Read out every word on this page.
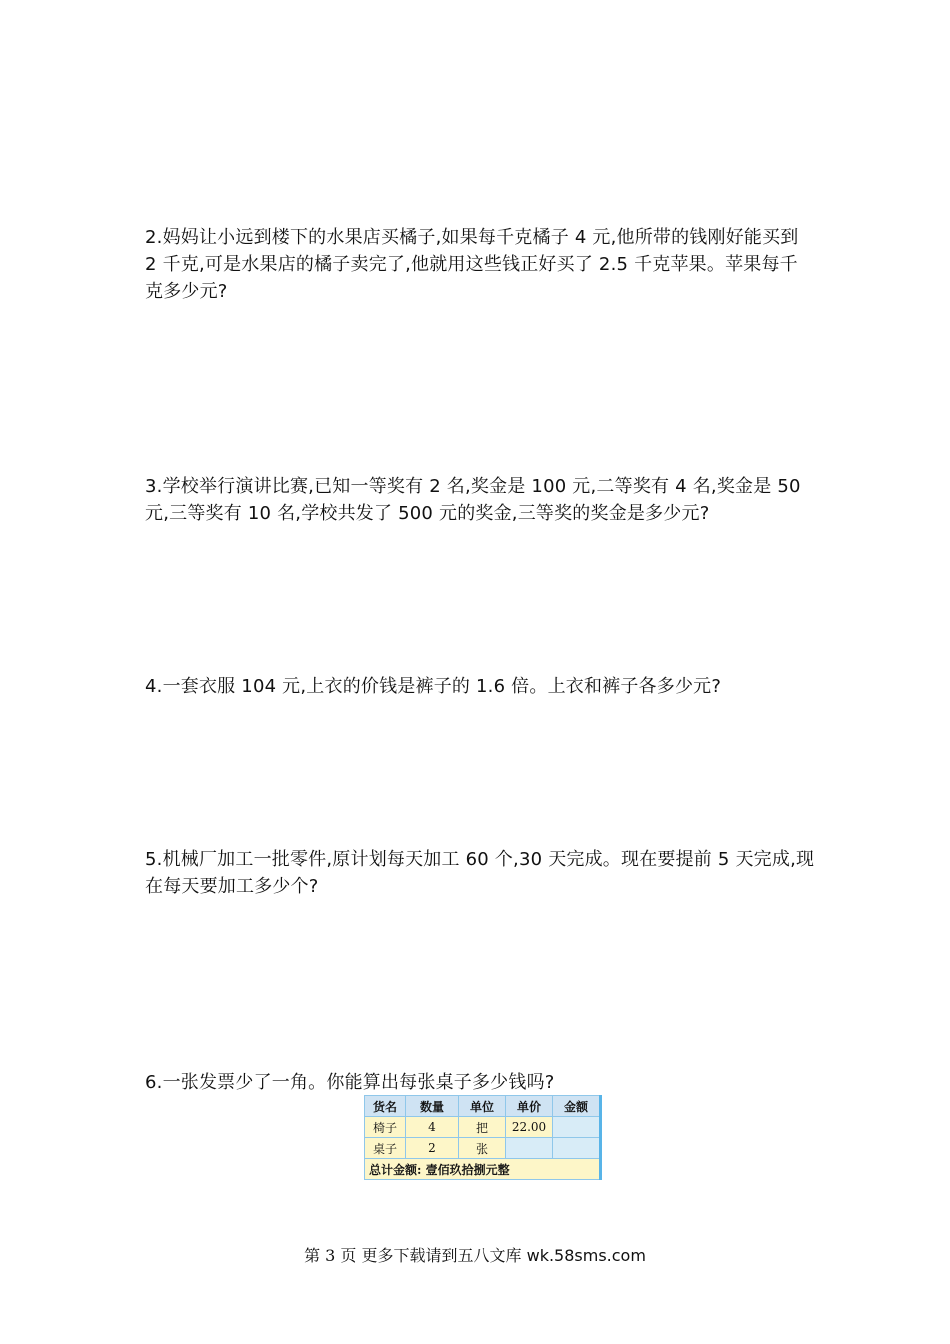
2.妈妈让小远到楼下的水果店买橘子,如果每千克橘子 4 元,他所带的钱刚好能买到 2 千克,可是水果店的橘子卖完了,他就用这些钱正好买了 2.5 千克苹果。苹果每千克多少元?
3.学校举行演讲比赛,已知一等奖有 2 名,奖金是 100 元,二等奖有 4 名,奖金是 50 元,三等奖有 10 名,学校共发了 500 元的奖金,三等奖的奖金是多少元?
4.一套衣服 104 元,上衣的价钱是裤子的 1.6 倍。上衣和裤子各多少元?
5.机械厂加工一批零件,原计划每天加工 60 个,30 天完成。现在要提前 5 天完成,现在每天要加工多少个?
6.一张发票少了一角。你能算出每张桌子多少钱吗?
货名	数量	单位	单价	金额
椅子	4	把	22.00	
桌子	2	张		
总计金额: 壹佰玖拾捌元整				
第 3 页 更多下载请到五八文库 wk.58sms.com
